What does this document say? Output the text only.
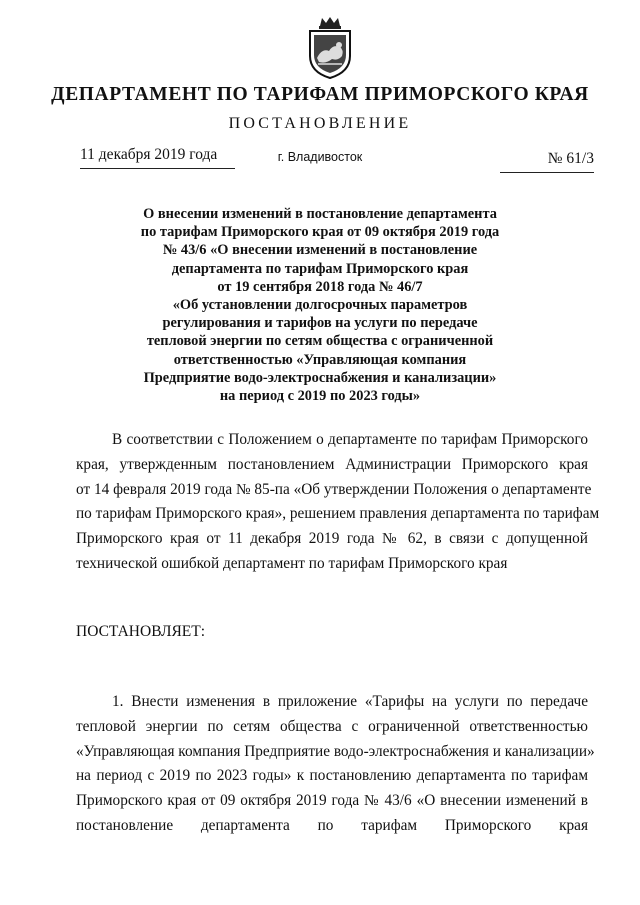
ДЕПАРТАМЕНТ ПО ТАРИФАМ ПРИМОРСКОГО КРАЯ
ПОСТАНОВЛЕНИЕ
11 декабря 2019 года	г. Владивосток	№ 61/3
О внесении изменений в постановление департамента
по тарифам Приморского края от 09 октября 2019 года
№ 43/6 «О внесении изменений в постановление
департамента по тарифам Приморского края
от 19 сентября 2018 года № 46/7
«Об установлении долгосрочных параметров
регулирования и тарифов на услуги по передаче
тепловой энергии по сетям общества с ограниченной
ответственностью «Управляющая компания
Предприятие водо-электроснабжения и канализации»
на период с 2019 по 2023 годы»
В соответствии с Положением о департаменте по тарифам Приморского
края, утвержденным постановлением Администрации Приморского края
от 14 февраля 2019 года № 85-па «Об утверждении Положения о департаменте
по тарифам Приморского края», решением правления департамента по тарифам
Приморского края от 11 декабря 2019 года № 62, в связи с допущенной
технической ошибкой департамент по тарифам Приморского края
ПОСТАНОВЛЯЕТ:
1. Внести изменения в приложение «Тарифы на услуги по передаче
тепловой энергии по сетям общества с ограниченной ответственностью
«Управляющая компания Предприятие водо-электроснабжения и канализации»
на период с 2019 по 2023 годы» к постановлению департамента по тарифам
Приморского края от 09 октября 2019 года № 43/6 «О внесении изменений в
постановление департамента по тарифам Приморского края
